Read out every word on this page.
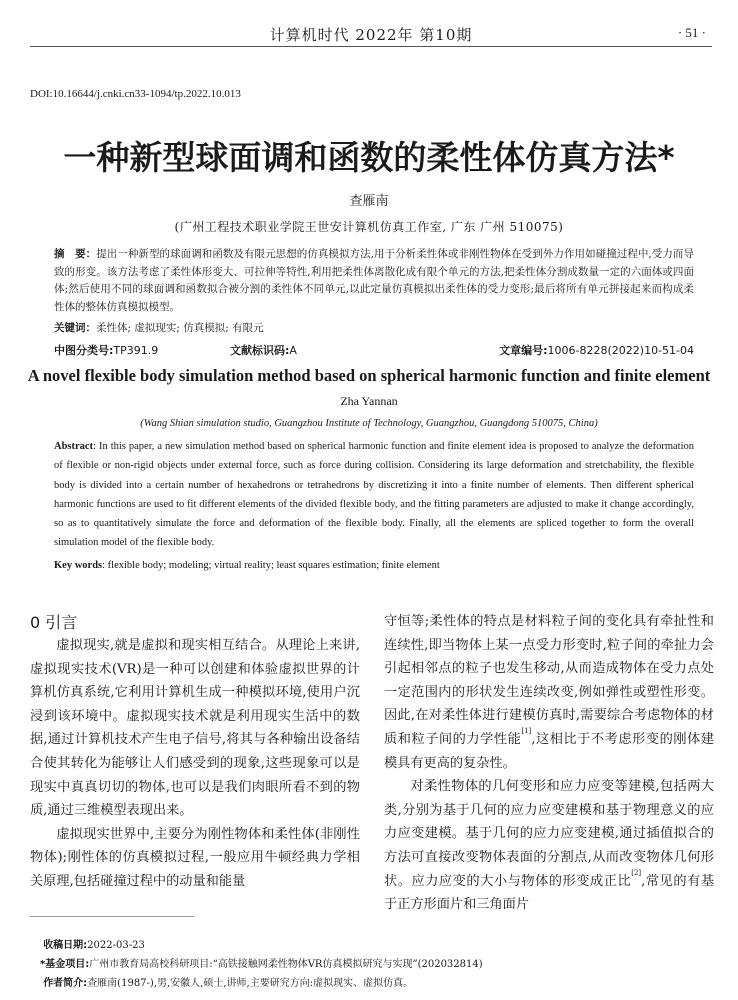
计算机时代 2022年 第10期	· 51 ·
DOI:10.16644/j.cnki.cn33-1094/tp.2022.10.013
一种新型球面调和函数的柔性体仿真方法*
查雁南
(广州工程技术职业学院王世安计算机仿真工作室, 广东 广州 510075)
摘　要：提出一种新型的球面调和函数及有限元思想的仿真模拟方法,用于分析柔性体或非刚性物体在受到外力作用如碰撞过程中,受力而导致的形变。该方法考虑了柔性体形变大、可拉伸等特性,利用把柔性体离散化成有限个单元的方法,把柔性体分割成数量一定的六面体或四面体;然后使用不同的球面调和函数拟合被分割的柔性体不同单元,以此定量仿真模拟出柔性体的受力变形;最后将所有单元拼接起来而构成柔性体的整体仿真模拟模型。
关键词：柔性体; 虚拟现实; 仿真模拟; 有限元
中图分类号:TP391.9	文献标识码:A	文章编号:1006-8228(2022)10-51-04
A novel flexible body simulation method based on spherical harmonic function and finite element
Zha Yannan
(Wang Shian simulation studio, Guangzhou Institute of Technology, Guangzhou, Guangdong 510075, China)
Abstract: In this paper, a new simulation method based on spherical harmonic function and finite element idea is proposed to analyze the deformation of flexible or non-rigid objects under external force, such as force during collision. Considering its large deformation and stretchability, the flexible body is divided into a certain number of hexahedrons or tetrahedrons by discretizing it into a finite number of elements. Then different spherical harmonic functions are used to fit different elements of the divided flexible body, and the fitting parameters are adjusted to make it change accordingly, so as to quantitatively simulate the force and deformation of the flexible body. Finally, all the elements are spliced together to form the overall simulation model of the flexible body.
Key words: flexible body; modeling; virtual reality; least squares estimation; finite element
0 引言

虚拟现实,就是虚拟和现实相互结合。从理论上来讲,虚拟现实技术(VR)是一种可以创建和体验虚拟世界的计算机仿真系统,它利用计算机生成一种模拟环境,使用户沉浸到该环境中。虚拟现实技术就是利用现实生活中的数据,通过计算机技术产生电子信号,将其与各种输出设备结合使其转化为能够让人们感受到的现象,这些现象可以是现实中真真切切的物体,也可以是我们肉眼所看不到的物质,通过三维模型表现出来。

虚拟现实世界中,主要分为刚性物体和柔性体(非刚性物体);刚性体的仿真模拟过程,一般应用牛顿经典力学相关原理,包括碰撞过程中的动量和能量

守恒等;柔性体的特点是材料粒子间的变化具有牵扯性和连续性,即当物体上某一点受力形变时,粒子间的牵扯力会引起相邻点的粒子也发生移动,从而造成物体在受力点处一定范围内的形状发生连续改变,例如弹性或塑性形变。因此,在对柔性体进行建模仿真时,需要综合考虑物体的材质和粒子间的力学性能[1],这相比于不考虑形变的刚体建模具有更高的复杂性。

对柔性物体的几何变形和应力应变等建模,包括两大类,分别为基于几何的应力应变建模和基于物理意义的应力应变建模。基于几何的应力应变建模,通过插值拟合的方法可直接改变物体表面的分割点,从而改变物体几何形状。应力应变的大小与物体的形变成正比[2],常见的有基于正方形面片和三角面片

收稿日期:2022-03-23
*基金项目:广州市教育局高校科研项目:“高铁接触网柔性物体VR仿真模拟研究与实现”(202032814)
作者简介:查雁南(1987-),男,安徽人,硕士,讲师,主要研究方向:虚拟现实、虚拟仿真。
